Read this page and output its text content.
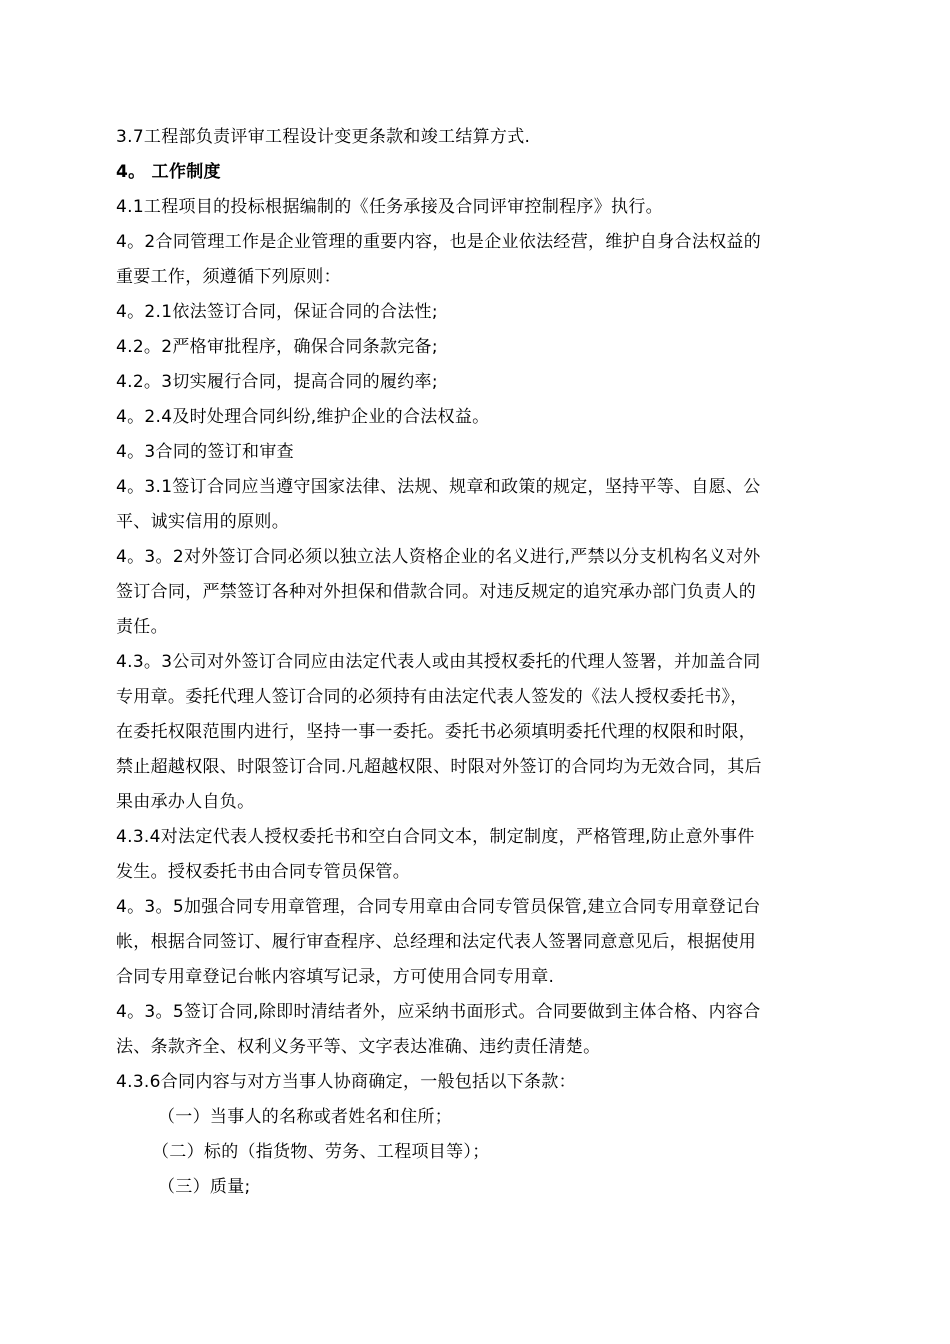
3.7工程部负责评审工程设计变更条款和竣工结算方式.
4。 工作制度
4.1工程项目的投标根据编制的《任务承接及合同评审控制程序》执行。
4。2合同管理工作是企业管理的重要内容，也是企业依法经营，维护自身合法权益的
重要工作，须遵循下列原则：
4。2.1依法签订合同，保证合同的合法性;
4.2。2严格审批程序，确保合同条款完备;
4.2。3切实履行合同，提高合同的履约率;
4。2.4及时处理合同纠纷,维护企业的合法权益。
4。3合同的签订和审查
4。3.1签订合同应当遵守国家法律、法规、规章和政策的规定，坚持平等、自愿、公
平、诚实信用的原则。
4。3。2对外签订合同必须以独立法人资格企业的名义进行,严禁以分支机构名义对外
签订合同，严禁签订各种对外担保和借款合同。对违反规定的追究承办部门负责人的
责任。
4.3。3公司对外签订合同应由法定代表人或由其授权委托的代理人签署，并加盖合同
专用章。委托代理人签订合同的必须持有由法定代表人签发的《法人授权委托书》，
在委托权限范围内进行，坚持一事一委托。委托书必须填明委托代理的权限和时限，
禁止超越权限、时限签订合同.凡超越权限、时限对外签订的合同均为无效合同，其后
果由承办人自负。
4.3.4对法定代表人授权委托书和空白合同文本，制定制度，严格管理,防止意外事件
发生。授权委托书由合同专管员保管。
4。3。5加强合同专用章管理，合同专用章由合同专管员保管,建立合同专用章登记台
帐，根据合同签订、履行审查程序、总经理和法定代表人签署同意意见后，根据使用
合同专用章登记台帐内容填写记录，方可使用合同专用章.
4。3。5签订合同,除即时清结者外，应采纳书面形式。合同要做到主体合格、内容合
法、条款齐全、权利义务平等、文字表达准确、违约责任清楚。
4.3.6合同内容与对方当事人协商确定，一般包括以下条款：
（一）当事人的名称或者姓名和住所；
（二）标的（指货物、劳务、工程项目等）；
（三）质量;
